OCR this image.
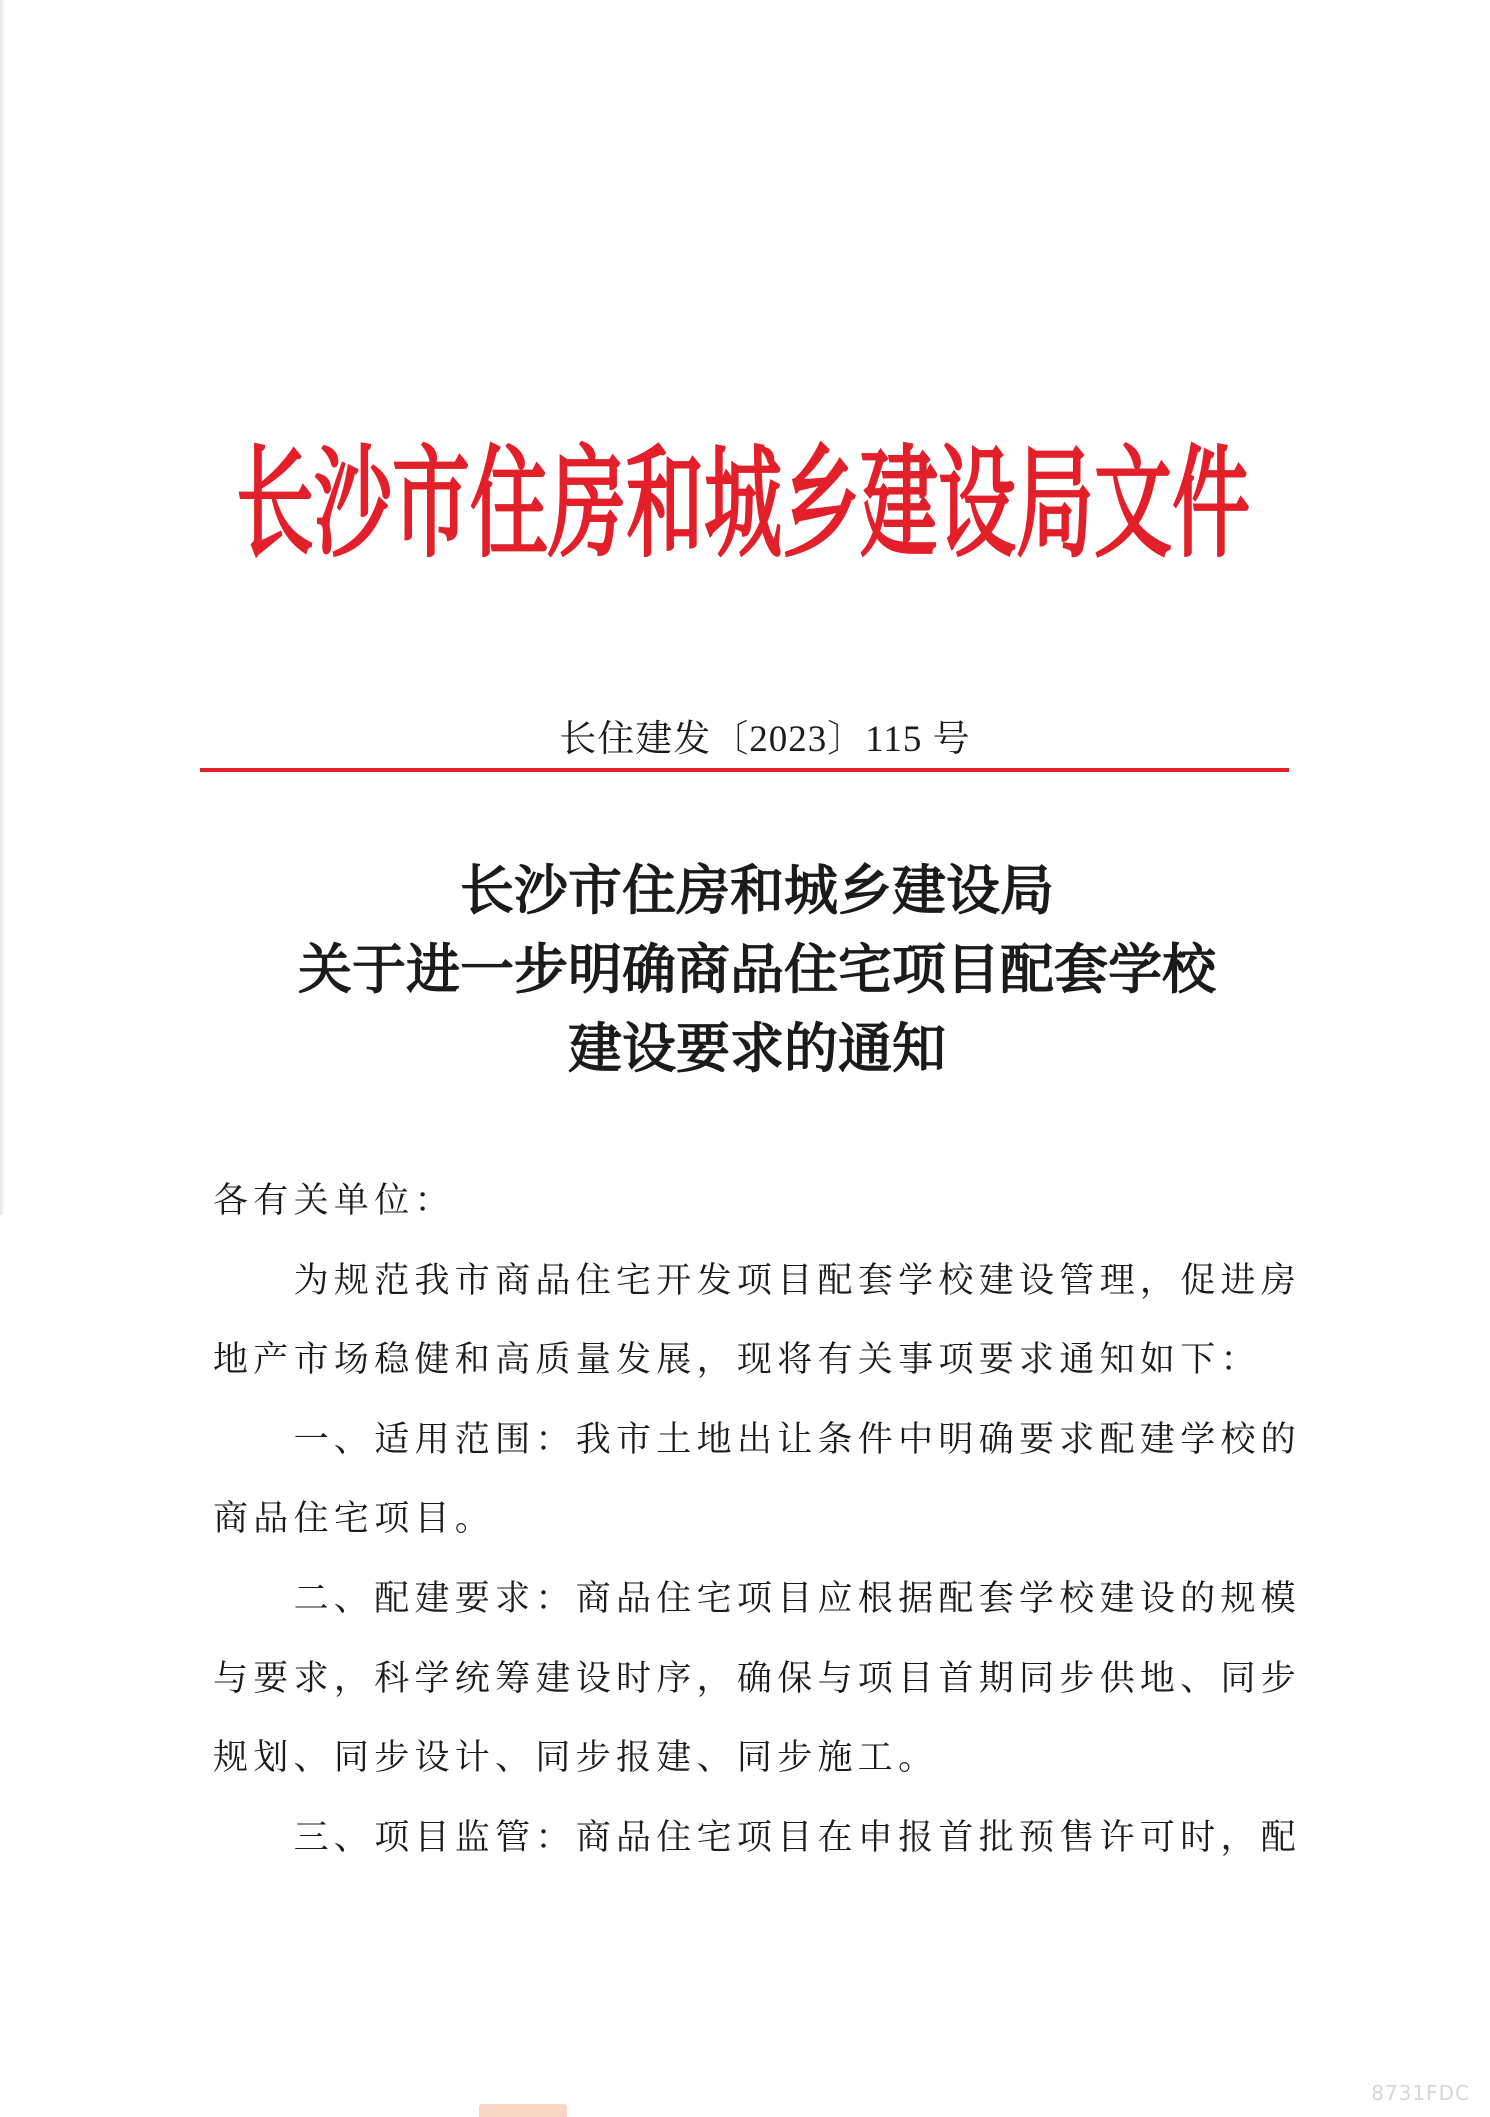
长沙市住房和城乡建设局文件
长住建发〔2023〕115 号
长沙市住房和城乡建设局
关于进一步明确商品住宅项目配套学校
建设要求的通知
各有关单位：
为规范我市商品住宅开发项目配套学校建设管理，促进房
地产市场稳健和高质量发展，现将有关事项要求通知如下：
一、适用范围：我市土地出让条件中明确要求配建学校的
商品住宅项目。
二、配建要求：商品住宅项目应根据配套学校建设的规模
与要求，科学统筹建设时序，确保与项目首期同步供地、同步
规划、同步设计、同步报建、同步施工。
三、项目监管：商品住宅项目在申报首批预售许可时，配
8731FDC
